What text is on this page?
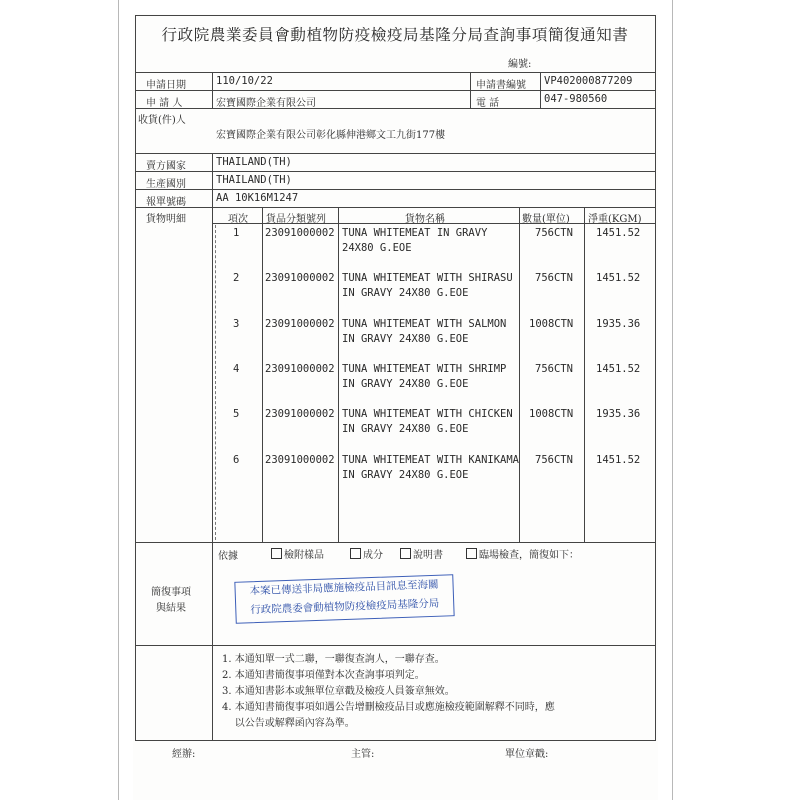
行政院農業委員會動植物防疫檢疫局基隆分局查詢事項簡復通知書
編號:
申請日期	110/10/22	申請書編號 VP402000877209
申 請 人	宏寶國際企業有限公司	電 話	047-980560
收貨(件)人
宏寶國際企業有限公司彰化縣伸港鄉文工九街177樓
賣方國家	THAILAND(TH)
生產國別	THAILAND(TH)
報單號碼	AA 10K16M1247
貨物明細	項次 貨品分類號列	貨物名稱	數量(單位) 淨重(KGM)
1 23091000002 TUNA WHITEMEAT IN GRAVY
24X80 G.EOE
756CTN 1451.52
2 23091000002 TUNA WHITEMEAT WITH SHIRASU
IN GRAVY 24X80 G.EOE
756CTN 1451.52
3 23091000002 TUNA WHITEMEAT WITH SALMON
IN GRAVY 24X80 G.EOE
1008CTN 1935.36
4 23091000002 TUNA WHITEMEAT WITH SHRIMP
IN GRAVY 24X80 G.EOE
756CTN 1451.52
5 23091000002 TUNA WHITEMEAT WITH CHICKEN
IN GRAVY 24X80 G.EOE
1008CTN 1935.36
6 23091000002 TUNA WHITEMEAT WITH KANIKAMA
IN GRAVY 24X80 G.EOE
756CTN 1451.52
簡復事項
與結果
依據	檢附樣品	成分	說明書	臨場檢查，簡復如下：
本案已傳送非局應施檢疫品目訊息至海關
行政院農委會動植物防疫檢疫局基隆分局
1. 本通知單一式二聯，一聯復查詢人，一聯存查。
2. 本通知書簡復事項僅對本次查詢事項判定。
3. 本通知書影本或無單位章戳及檢疫人員簽章無效。
4. 本通知書簡復事項如遇公告增刪檢疫品目或應施檢疫範圍解釋不同時，應
以公告或解釋函內容為準。
經辦:	主管:	單位章戳:
